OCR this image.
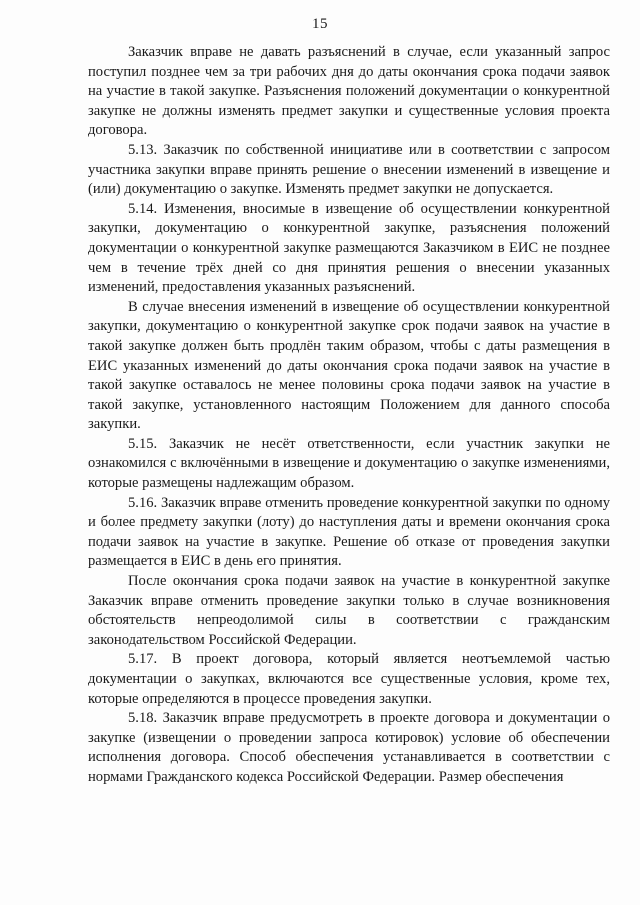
15

Заказчик вправе не давать разъяснений в случае, если указанный запрос поступил позднее чем за три рабочих дня до даты окончания срока подачи заявок на участие в такой закупке. Разъяснения положений документации о конкурентной закупке не должны изменять предмет закупки и существенные условия проекта договора.

5.13. Заказчик по собственной инициативе или в соответствии с запросом участника закупки вправе принять решение о внесении изменений в извещение и (или) документацию о закупке. Изменять предмет закупки не допускается.

5.14. Изменения, вносимые в извещение об осуществлении конкурентной закупки, документацию о конкурентной закупке, разъяснения положений документации о конкурентной закупке размещаются Заказчиком в ЕИС не позднее чем в течение трёх дней со дня принятия решения о внесении указанных изменений, предоставления указанных разъяснений.

В случае внесения изменений в извещение об осуществлении конкурентной закупки, документацию о конкурентной закупке срок подачи заявок на участие в такой закупке должен быть продлён таким образом, чтобы с даты размещения в ЕИС указанных изменений до даты окончания срока подачи заявок на участие в такой закупке оставалось не менее половины срока подачи заявок на участие в такой закупке, установленного настоящим Положением для данного способа закупки.

5.15. Заказчик не несёт ответственности, если участник закупки не ознакомился с включёнными в извещение и документацию о закупке изменениями, которые размещены надлежащим образом.

5.16. Заказчик вправе отменить проведение конкурентной закупки по одному и более предмету закупки (лоту) до наступления даты и времени окончания срока подачи заявок на участие в закупке. Решение об отказе от проведения закупки размещается в ЕИС в день его принятия.

После окончания срока подачи заявок на участие в конкурентной закупке Заказчик вправе отменить проведение закупки только в случае возникновения обстоятельств непреодолимой силы в соответствии с гражданским законодательством Российской Федерации.

5.17. В проект договора, который является неотъемлемой частью документации о закупках, включаются все существенные условия, кроме тех, которые определяются в процессе проведения закупки.

5.18. Заказчик вправе предусмотреть в проекте договора и документации о закупке (извещении о проведении запроса котировок) условие об обеспечении исполнения договора. Способ обеспечения устанавливается в соответствии с нормами Гражданского кодекса Российской Федерации. Размер обеспечения
